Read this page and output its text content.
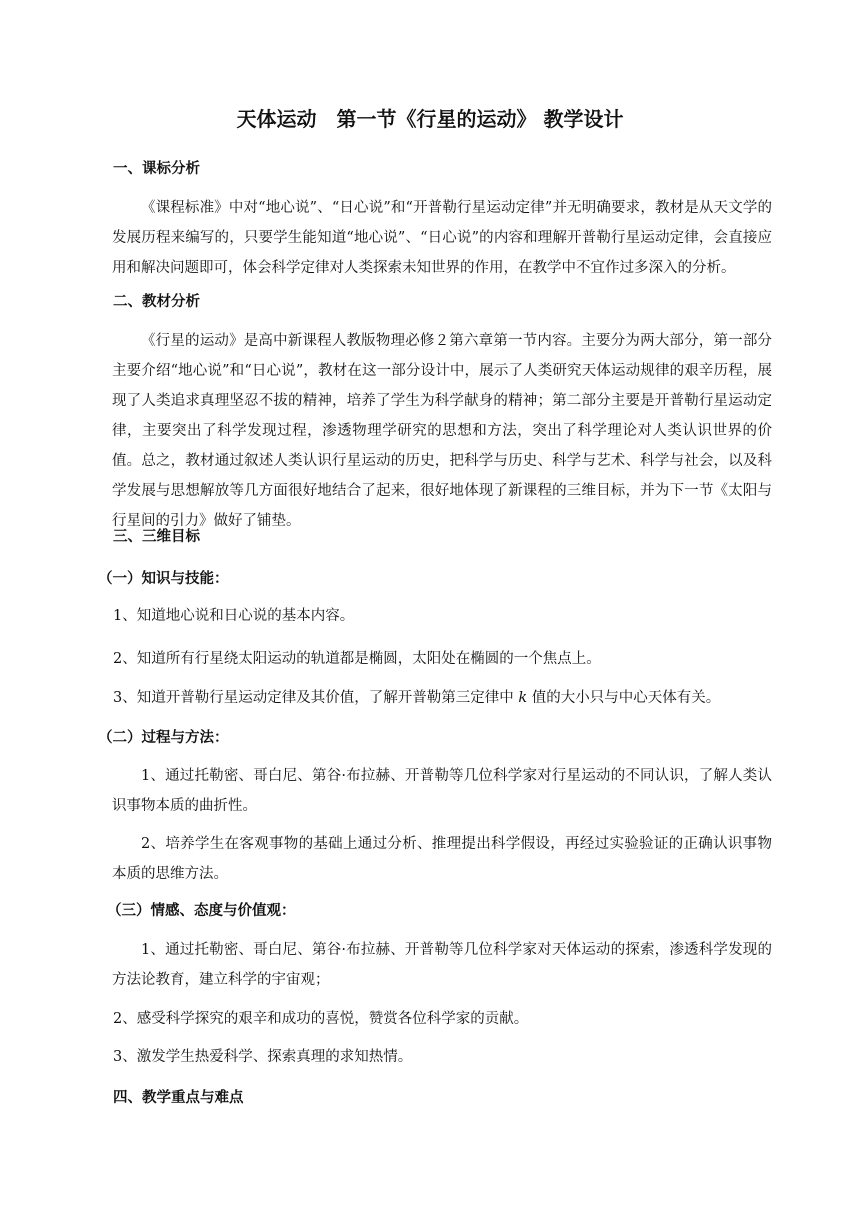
天体运动　第一节《行星的运动》 教学设计
一、课标分析
《课程标准》中对“地心说”、“日心说”和“开普勒行星运动定律”并无明确要求，教材是从天文学的发展历程来编写的，只要学生能知道“地心说”、“日心说”的内容和理解开普勒行星运动定律，会直接应用和解决问题即可，体会科学定律对人类探索未知世界的作用，在教学中不宜作过多深入的分析。
二、教材分析
《行星的运动》是高中新课程人教版物理必修２第六章第一节内容。主要分为两大部分，第一部分主要介绍“地心说”和“日心说”，教材在这一部分设计中，展示了人类研究天体运动规律的艰辛历程，展现了人类追求真理坚忍不拔的精神，培养了学生为科学献身的精神；第二部分主要是开普勒行星运动定律，主要突出了科学发现过程，渗透物理学研究的思想和方法，突出了科学理论对人类认识世界的价值。总之，教材通过叙述人类认识行星运动的历史，把科学与历史、科学与艺术、科学与社会，以及科学发展与思想解放等几方面很好地结合了起来，很好地体现了新课程的三维目标，并为下一节《太阳与行星间的引力》做好了铺垫。
三、三维目标
（一）知识与技能：
1、知道地心说和日心说的基本内容。
2、知道所有行星绕太阳运动的轨道都是椭圆，太阳处在椭圆的一个焦点上。
3、知道开普勒行星运动定律及其价值，了解开普勒第三定律中 k 值的大小只与中心天体有关。
（二）过程与方法：
1、通过托勒密、哥白尼、第谷·布拉赫、开普勒等几位科学家对行星运动的不同认识，了解人类认识事物本质的曲折性。
2、培养学生在客观事物的基础上通过分析、推理提出科学假设，再经过实验验证的正确认识事物本质的思维方法。
（三）情感、态度与价值观：
1、通过托勒密、哥白尼、第谷·布拉赫、开普勒等几位科学家对天体运动的探索，渗透科学发现的方法论教育，建立科学的宇宙观；
2、感受科学探究的艰辛和成功的喜悦，赞赏各位科学家的贡献。
3、激发学生热爱科学、探索真理的求知热情。
四、教学重点与难点
